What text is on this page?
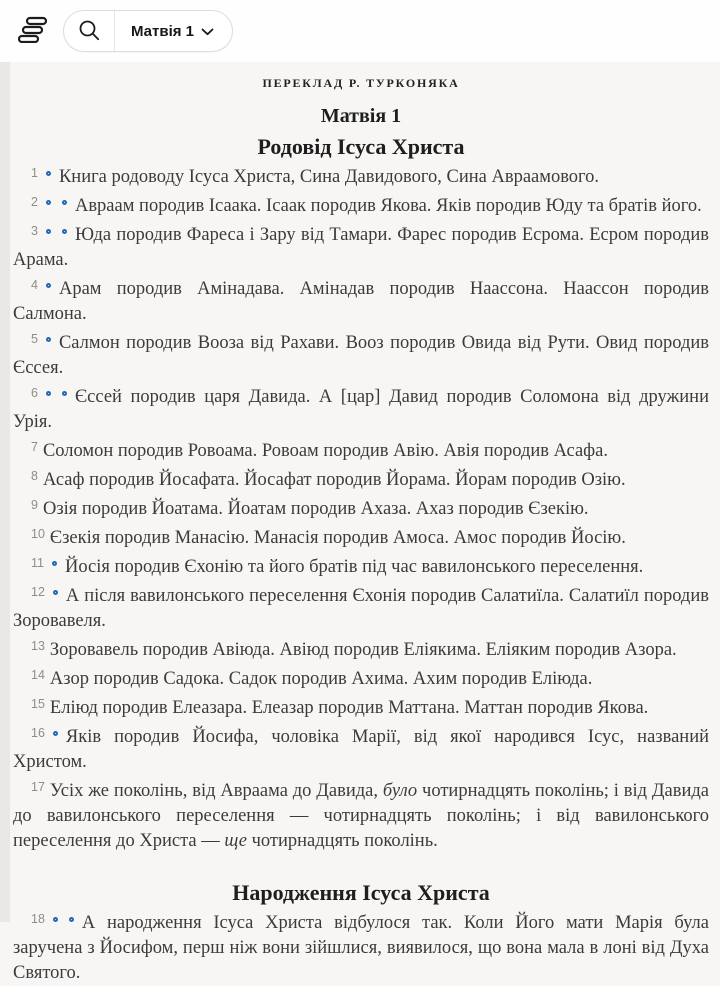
Матвія 1
ПЕРЕКЛАД Р. ТУРКОНЯКА
Матвія 1
Родовід Ісуса Христа

$^1$ Книга родоводу Ісуса Христа, Сина Давидового, Сина Авраамового.

$^2$ Авраам породив Ісаака. Ісаак породив Якова. Яків породив Юду та братів його.

$^3$ Юда породив Фареса і Зару від Тамари. Фарес породив Есрома. Есром породив Арама.

$^4$ Арам породив Амінадава. Амінадав породив Наассона. Наассон породив Салмона.

$^5$ Салмон породив Вооза від Рахави. Вооз породив Овида від Рути. Овид породив Єссея.

$^6$ Єссей породив царя Давида. А [цар] Давид породив Соломона від дружини Урія.

$^7$ Соломон породив Ровоама. Ровоам породив Авію. Авія породив Асафа.

$^8$ Асаф породив Йосафата. Йосафат породив Йорама. Йорам породив Озію.

$^9$ Озія породив Йоатама. Йоатам породив Ахаза. Ахаз породив Єзекію.

$^{10}$ Єзекія породив Манасію. Манасія породив Амоса. Амос породив Йосію.

$^{11}$ Йосія породив Єхонію та його братів під час вавилонського переселення.

$^{12}$ А після вавилонського переселення Єхонія породив Салатиїла. Салатиїл породив Зоровавеля.

$^{13}$ Зоровавель породив Авіюда. Авіюд породив Еліякима. Еліяким породив Азора.

$^{14}$ Азор породив Садока. Садок породив Ахима. Ахим породив Еліюда.

$^{15}$ Еліюд породив Елеазара. Елеазар породив Маттана. Маттан породив Якова.

$^{16}$ Яків породив Йосифа, чоловіка Марії, від якої народився Ісус, названий Христом.

$^{17}$ Усіх же поколінь, від Авраама до Давида, було чотирнадцять поколінь; і від Давида до вавилонського переселення — чотирнадцять поколінь; і від вавилонського переселення до Христа — ще чотирнадцять поколінь.

Народження Ісуса Христа

$^{18}$ А народження Ісуса Христа відбулося так. Коли Його мати Марія була заручена з Йосифом, перш ніж вони зійшлися, виявилося, що вона мала в лоні від Духа Святого.
